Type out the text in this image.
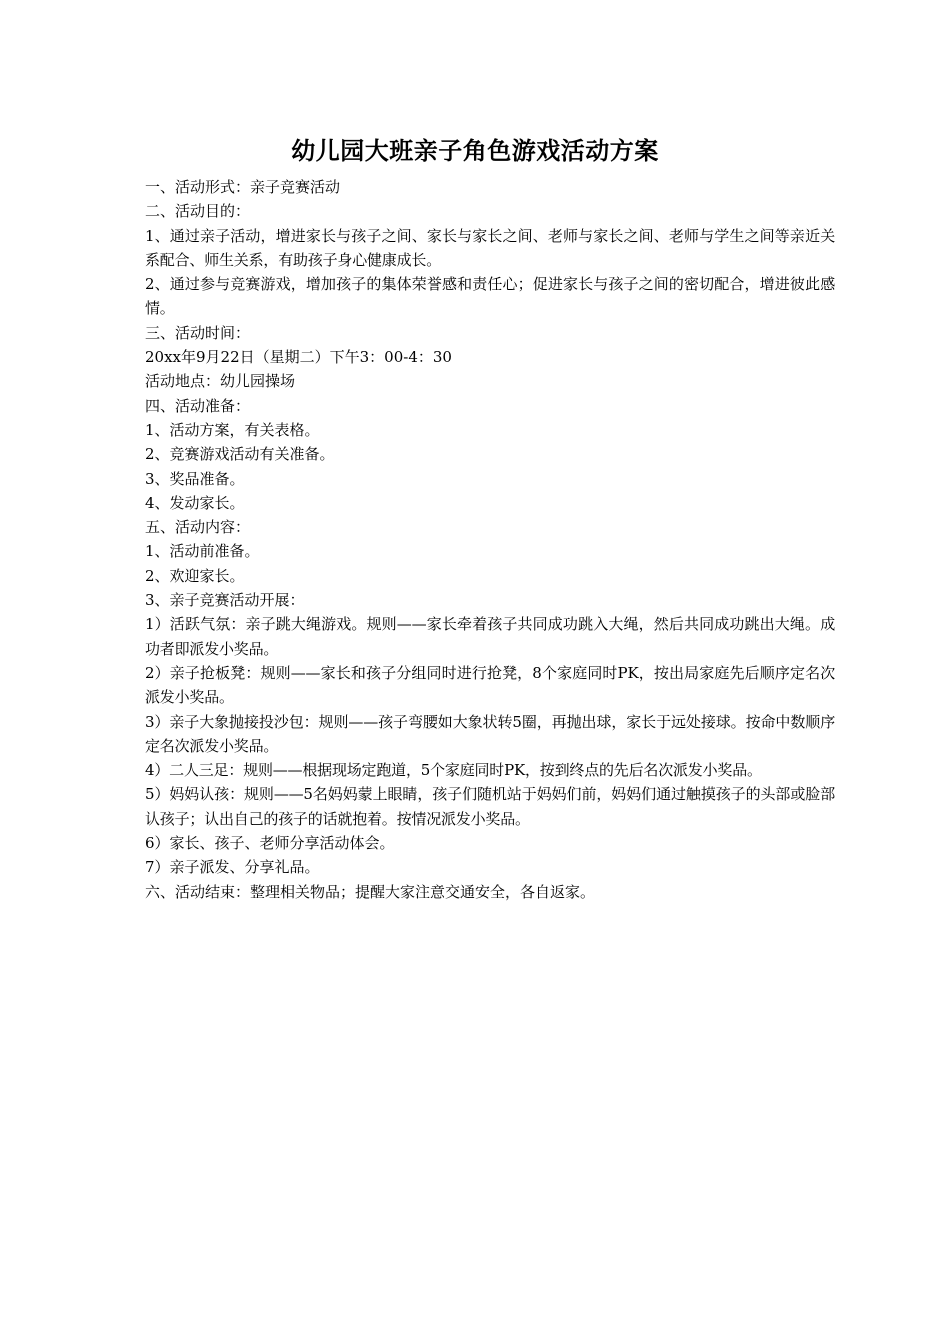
幼儿园大班亲子角色游戏活动方案

一、活动形式：亲子竞赛活动

二、活动目的：

1、通过亲子活动，增进家长与孩子之间、家长与家长之间、老师与家长之间、老师与学生之间等亲近关系配合、师生关系，有助孩子身心健康成长。

2、通过参与竞赛游戏，增加孩子的集体荣誉感和责任心；促进家长与孩子之间的密切配合，增进彼此感情。

三、活动时间：

20xx年9月22日（星期二）下午3：00-4：30

活动地点：幼儿园操场

四、活动准备：

1、活动方案，有关表格。

2、竞赛游戏活动有关准备。

3、奖品准备。

4、发动家长。

五、活动内容：

1、活动前准备。

2、欢迎家长。

3、亲子竞赛活动开展：

1）活跃气氛：亲子跳大绳游戏。规则——家长牵着孩子共同成功跳入大绳，然后共同成功跳出大绳。成功者即派发小奖品。

2）亲子抢板凳：规则——家长和孩子分组同时进行抢凳，8个家庭同时PK，按出局家庭先后顺序定名次派发小奖品。

3）亲子大象抛接投沙包：规则——孩子弯腰如大象状转5圈，再抛出球，家长于远处接球。按命中数顺序定名次派发小奖品。

4）二人三足：规则——根据现场定跑道，5个家庭同时PK，按到终点的先后名次派发小奖品。

5）妈妈认孩：规则——5名妈妈蒙上眼睛，孩子们随机站于妈妈们前，妈妈们通过触摸孩子的头部或脸部认孩子；认出自己的孩子的话就抱着。按情况派发小奖品。

6）家长、孩子、老师分享活动体会。

7）亲子派发、分享礼品。

六、活动结束：整理相关物品；提醒大家注意交通安全，各自返家。
